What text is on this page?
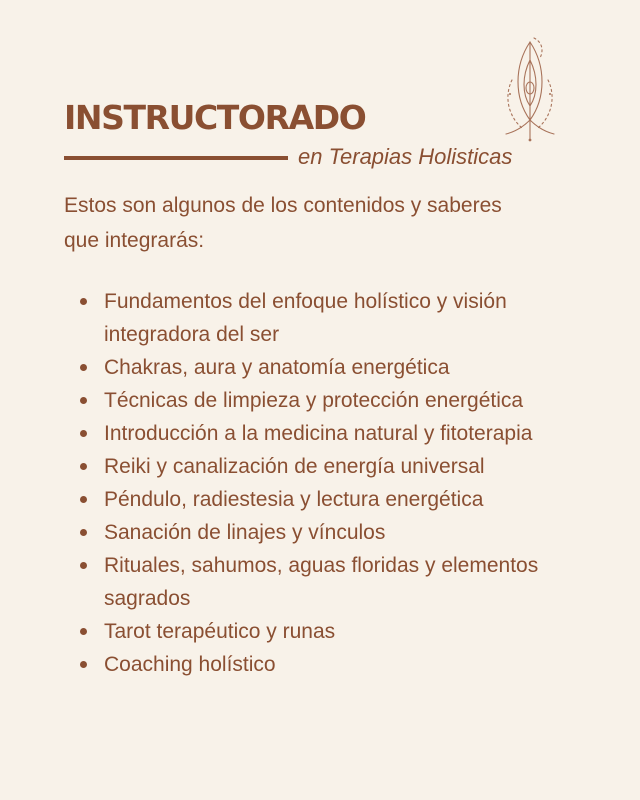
INSTRUCTORADO
en Terapias Holisticas

Estos son algunos de los contenidos y saberes que integrarás:

Fundamentos del enfoque holístico y visión integradora del ser
Chakras, aura y anatomía energética
Técnicas de limpieza y protección energética
Introducción a la medicina natural y fitoterapia
Reiki y canalización de energía universal
Péndulo, radiestesia y lectura energética
Sanación de linajes y vínculos
Rituales, sahumos, aguas floridas y elementos sagrados
Tarot terapéutico y runas
Coaching holístico
